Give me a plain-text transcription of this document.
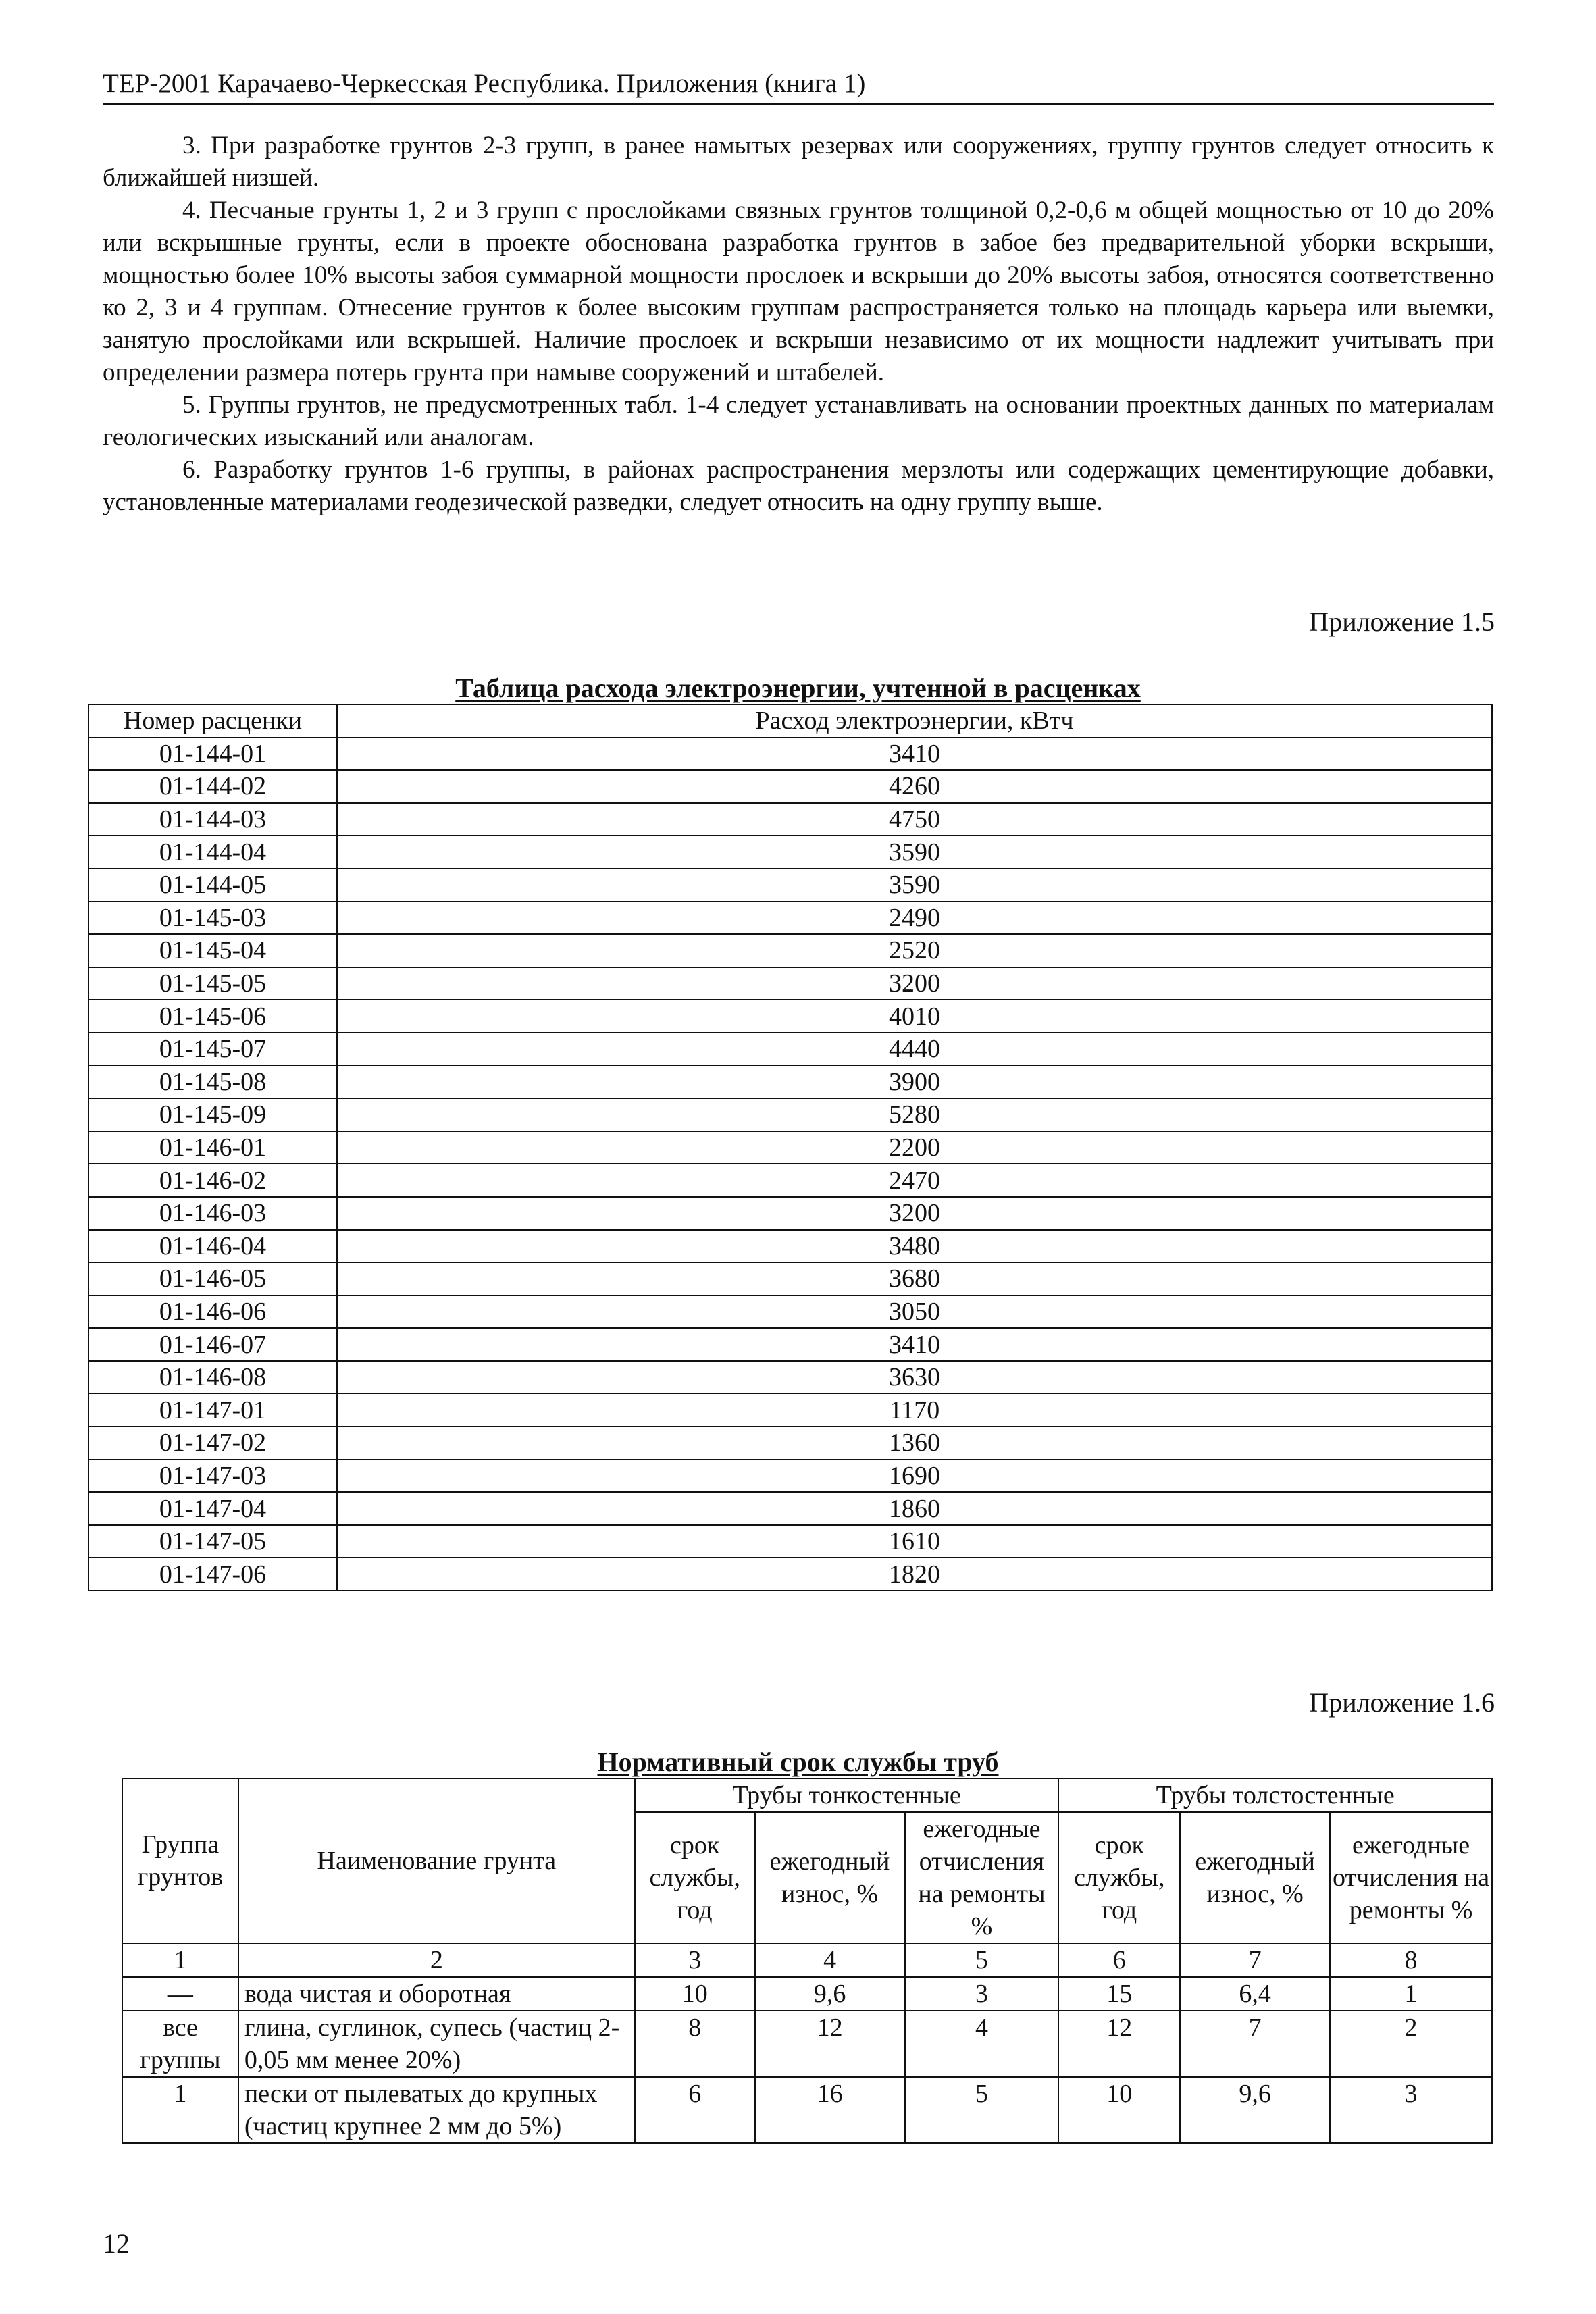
ТЕР-2001 Карачаево-Черкесская Республика. Приложения (книга 1)

3. При разработке грунтов 2-3 групп, в ранее намытых резервах или сооружениях, группу грунтов следует относить к ближайшей низшей.

4. Песчаные грунты 1, 2 и 3 групп с прослойками связных грунтов толщиной 0,2-0,6 м общей мощностью от 10 до 20% или вскрышные грунты, если в проекте обоснована разработка грунтов в забое без предварительной уборки вскрыши, мощностью более 10% высоты забоя суммарной мощности прослоек и вскрыши до 20% высоты забоя, относятся соответственно ко 2, 3 и 4 группам. Отнесение грунтов к более высоким группам распространяется только на площадь карьера или выемки, занятую прослойками или вскрышей. Наличие прослоек и вскрыши независимо от их мощности надлежит учитывать при определении размера потерь грунта при намыве сооружений и штабелей.

5. Группы грунтов, не предусмотренных табл. 1-4 следует устанавливать на основании проектных данных по материалам геологических изысканий или аналогам.

6. Разработку грунтов 1-6 группы, в районах распространения мерзлоты или содержащих цементирующие добавки, установленные материалами геодезической разведки, следует относить на одну группу выше.

Приложение 1.5
Таблица расхода электроэнергии, учтенной в расценках
Номер расценки	Расход электроэнергии, кВтч
01-144-01	3410
01-144-02	4260
01-144-03	4750
01-144-04	3590
01-144-05	3590
01-145-03	2490
01-145-04	2520
01-145-05	3200
01-145-06	4010
01-145-07	4440
01-145-08	3900
01-145-09	5280
01-146-01	2200
01-146-02	2470
01-146-03	3200
01-146-04	3480
01-146-05	3680
01-146-06	3050
01-146-07	3410
01-146-08	3630
01-147-01	1170
01-147-02	1360
01-147-03	1690
01-147-04	1860
01-147-05	1610
01-147-06	1820
Приложение 1.6
Нормативный срок службы труб
Группа грунтов	Наименование грунта	Трубы тонкостенные			Трубы толстостенные		
		срок службы, год	ежегодный износ, %	ежегодные отчисления на ремонты %	срок службы, год	ежегодный износ, %	ежегодные отчисления на ремонты %
1	2	3	4	5	6	7	8
—	вода чистая и оборотная	10	9,6	3	15	6,4	1
все группы	глина, суглинок, супесь (частиц 2-0,05 мм менее 20%)	8	12	4	12	7	2
1	пески от пылеватых до крупных (частиц крупнее 2 мм до 5%)	6	16	5	10	9,6	3
12
